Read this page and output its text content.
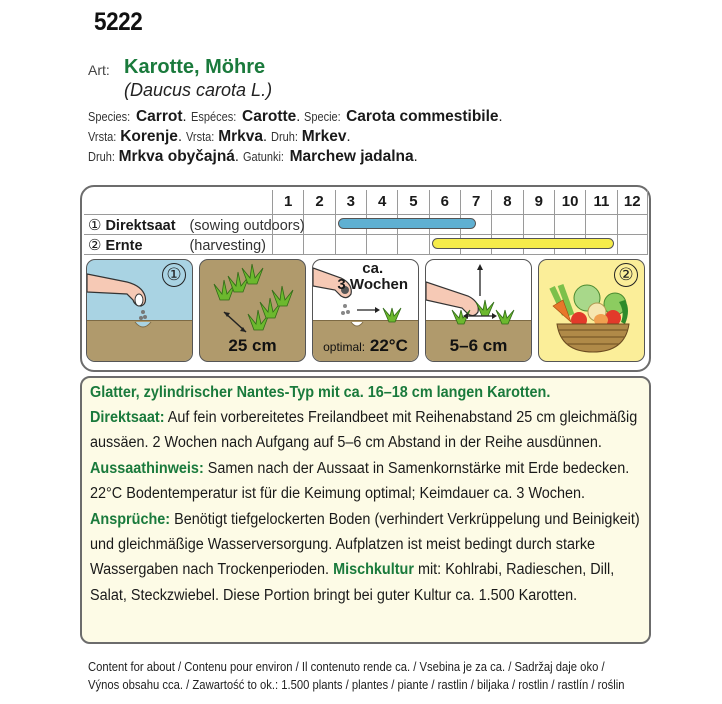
5222
Art: Karotte, Möhre
(Daucus carota L.)
Species: Carrot. Espéces: Carotte. Specie: Carota commestibile.
Vrsta: Korenje. Vrsta: Mrkva. Druh: Mrkev.
Druh: Mrkva obyčajná. Gatunki: Marchew jadalna.
1 2 3 4 5 6 7 8 9 10 11 12
① Direktsaat (sowing outdoors)
② Ernte	(harvesting)
①
25 cm
ca.
3 Wochen
optimal: 22°C	5–6 cm
②
Glatter, zylindrischer Nantes-Typ mit ca. 16–18 cm langen Karotten.
Direktsaat: Auf fein vorbereitetes Freilandbeet mit Reihenabstand 25 cm gleichmäßig aussäen. 2 Wochen nach Aufgang auf 5–6 cm Abstand in der Reihe ausdünnen. Aussaathinweis: Samen nach der Aussaat in Samenkornstärke mit Erde bedecken. 22°C Bodentemperatur ist für die Keimung optimal; Keimdauer ca. 3 Wochen. Ansprüche: Benötigt tiefgelockerten Boden (verhindert Verkrüppelung und Beinigkeit) und gleichmäßige Wasserversorgung. Aufplatzen ist meist bedingt durch starke Wassergaben nach Trockenperioden. Mischkultur mit: Kohlrabi, Radieschen, Dill, Salat, Steckzwiebel. Diese Portion bringt bei guter Kultur ca. 1.500 Karotten.
Content for about / Contenu pour environ / Il contenuto rende ca. / Vsebina je za ca. / Sadržaj daje oko /
Výnos obsahu cca. / Zawartość to ok.: 1.500 plants / plantes / piante / rastlin / biljaka / rostlin / rastlín / roślin
